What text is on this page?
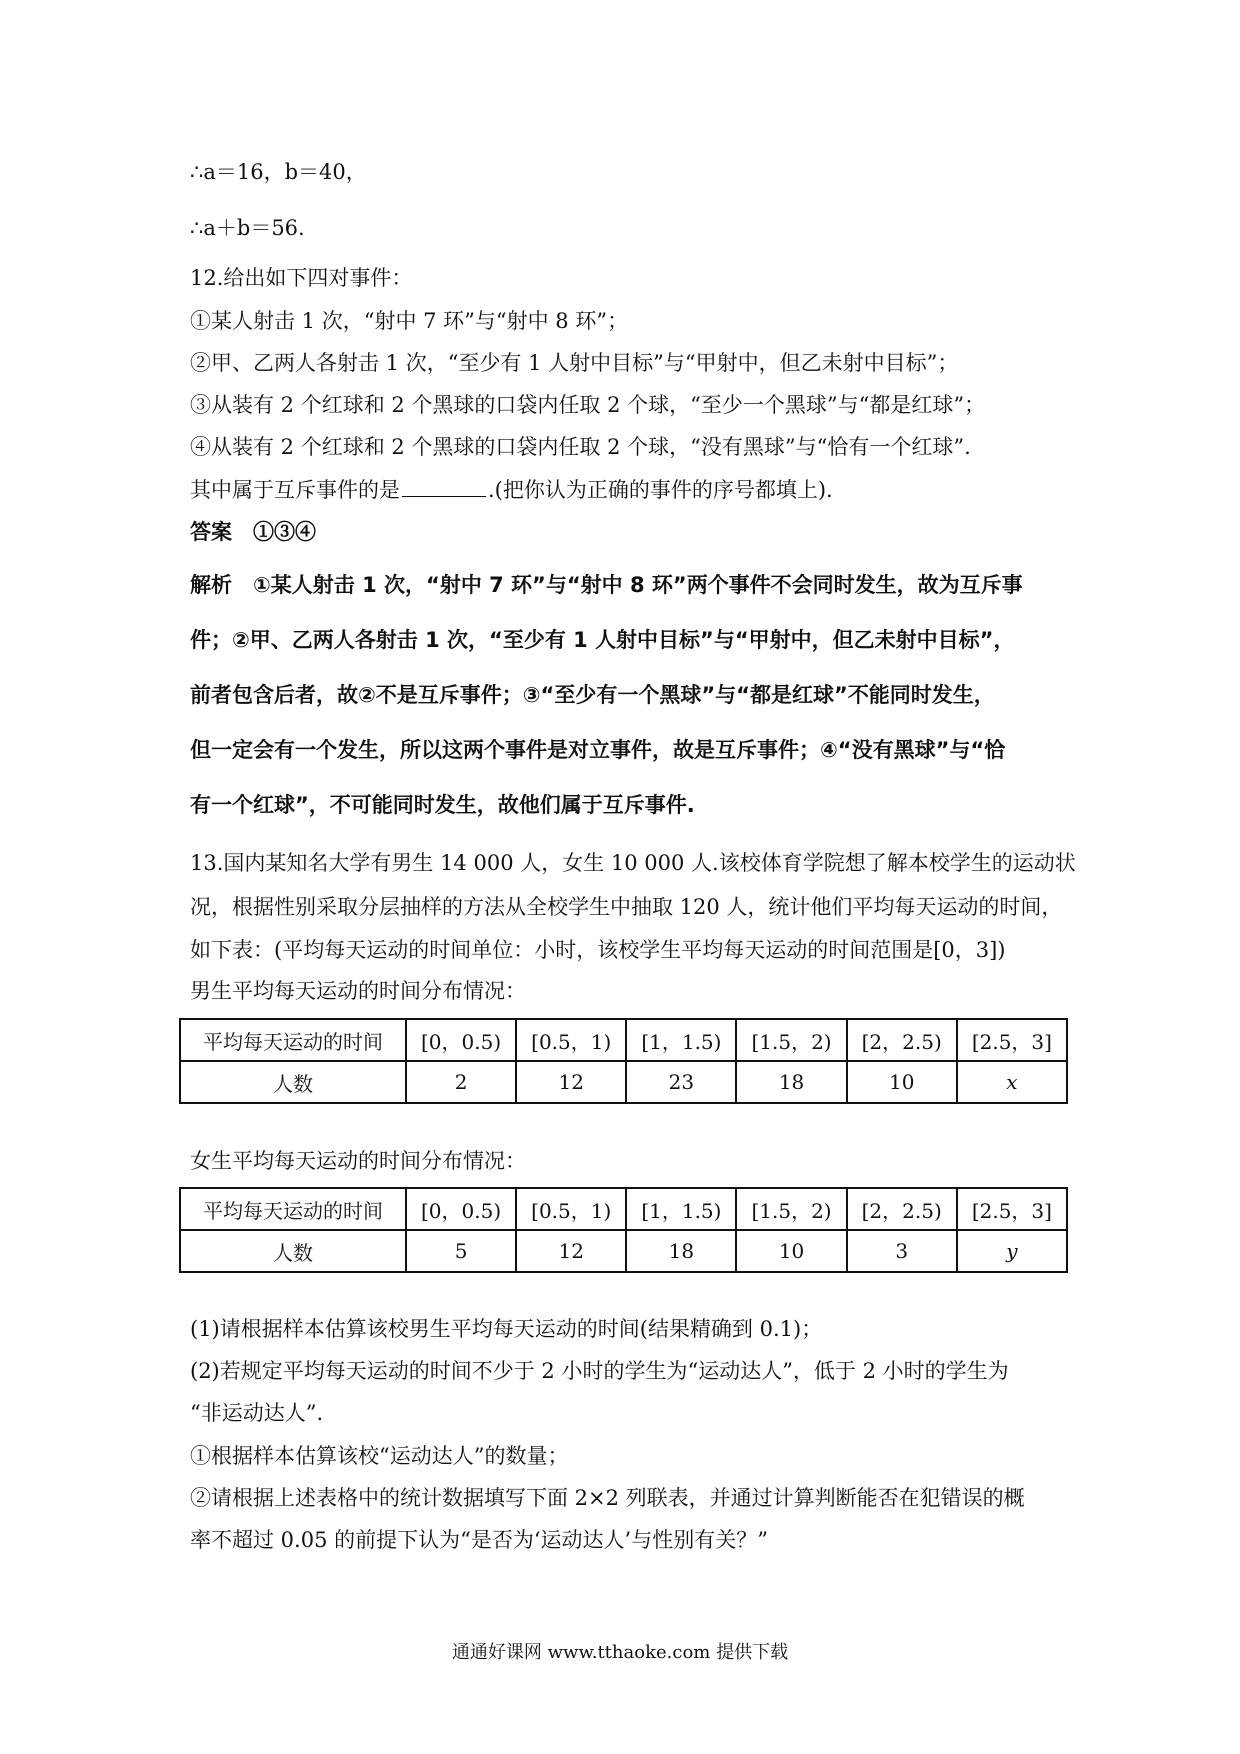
∴a＝16，b＝40，
∴a＋b＝56.
12.给出如下四对事件：
①某人射击 1 次，“射中 7 环”与“射中 8 环”；
②甲、乙两人各射击 1 次，“至少有 1 人射中目标”与“甲射中，但乙未射中目标”；
③从装有 2 个红球和 2 个黑球的口袋内任取 2 个球，“至少一个黑球”与“都是红球”；
④从装有 2 个红球和 2 个黑球的口袋内任取 2 个球，“没有黑球”与“恰有一个红球”.
其中属于互斥事件的是	.(把你认为正确的事件的序号都填上).
答案　 ①③④
解析　①某人射击 1 次，“射中 7 环”与“射中 8 环”两个事件不会同时发生，故为互斥事
件；②甲、乙两人各射击 1 次，“至少有 1 人射中目标”与“甲射中，但乙未射中目标”，
前者包含后者，故②不是互斥事件；③“至少有一个黑球”与“都是红球”不能同时发生，
但一定会有一个发生，所以这两个事件是对立事件，故是互斥事件；④“没有黑球”与“恰
有一个红球”，不可能同时发生，故他们属于互斥事件.
13.国内某知名大学有男生 14 000 人，女生 10 000 人.该校体育学院想了解本校学生的运动状
况，根据性别采取分层抽样的方法从全校学生中抽取 120 人，统计他们平均每天运动的时间，
如下表：(平均每天运动的时间单位：小时，该校学生平均每天运动的时间范围是[0，3])
男生平均每天运动的时间分布情况：
平均每天运动的时间	[0，0.5)	[0.5，1)	[1，1.5)	[1.5，2)	[2，2.5)	[2.5，3]
人数	2	12	23	18	10	x
女生平均每天运动的时间分布情况：
平均每天运动的时间	[0，0.5)	[0.5，1)	[1，1.5)	[1.5，2)	[2，2.5)	[2.5，3]
人数	5	12	18	10	3	y
(1)请根据样本估算该校男生平均每天运动的时间(结果精确到 0.1)；
(2)若规定平均每天运动的时间不少于 2 小时的学生为“运动达人”，低于 2 小时的学生为
“非运动达人”.
①根据样本估算该校“运动达人”的数量；
②请根据上述表格中的统计数据填写下面 2×2 列联表，并通过计算判断能否在犯错误的概
率不超过 0.05 的前提下认为“是否为‘运动达人’与性别有关？”
通通好课网 www.tthaoke.com 提供下载
